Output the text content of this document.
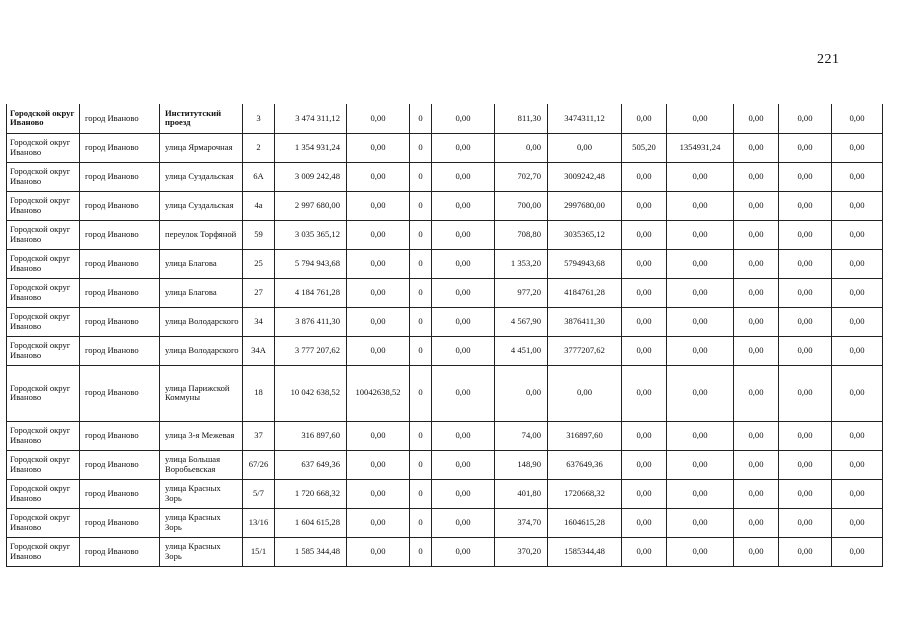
221
Городской округ Иваново	город Иваново	Институтский проезд	3	3 474 311,12	0,00	0	0,00	811,30	3474311,12	0,00	0,00	0,00	0,00	0,00
Городской округ Иваново	город Иваново	улица Ярмарочная	2	1 354 931,24	0,00	0	0,00	0,00	0,00	505,20	1354931,24	0,00	0,00	0,00
Городской округ Иваново	город Иваново	улица Суздальская	6А	3 009 242,48	0,00	0	0,00	702,70	3009242,48	0,00	0,00	0,00	0,00	0,00
Городской округ Иваново	город Иваново	улица Суздальская	4а	2 997 680,00	0,00	0	0,00	700,00	2997680,00	0,00	0,00	0,00	0,00	0,00
Городской округ Иваново	город Иваново	переулок Торфяной	59	3 035 365,12	0,00	0	0,00	708,80	3035365,12	0,00	0,00	0,00	0,00	0,00
Городской округ Иваново	город Иваново	улица Благова	25	5 794 943,68	0,00	0	0,00	1 353,20	5794943,68	0,00	0,00	0,00	0,00	0,00
Городской округ Иваново	город Иваново	улица Благова	27	4 184 761,28	0,00	0	0,00	977,20	4184761,28	0,00	0,00	0,00	0,00	0,00
Городской округ Иваново	город Иваново	улица Володарского	34	3 876 411,30	0,00	0	0,00	4 567,90	3876411,30	0,00	0,00	0,00	0,00	0,00
Городской округ Иваново	город Иваново	улица Володарского	34А	3 777 207,62	0,00	0	0,00	4 451,00	3777207,62	0,00	0,00	0,00	0,00	0,00
Городской округ Иваново	город Иваново	улица Парижской Коммуны	18	10 042 638,52	10042638,52	0	0,00	0,00	0,00	0,00	0,00	0,00	0,00	0,00
Городской округ Иваново	город Иваново	улица 3-я Межевая	37	316 897,60	0,00	0	0,00	74,00	316897,60	0,00	0,00	0,00	0,00	0,00
Городской округ Иваново	город Иваново	улица Большая Воробьевская	67/26	637 649,36	0,00	0	0,00	148,90	637649,36	0,00	0,00	0,00	0,00	0,00
Городской округ Иваново	город Иваново	улица Красных Зорь	5/7	1 720 668,32	0,00	0	0,00	401,80	1720668,32	0,00	0,00	0,00	0,00	0,00
Городской округ Иваново	город Иваново	улица Красных Зорь	13/16	1 604 615,28	0,00	0	0,00	374,70	1604615,28	0,00	0,00	0,00	0,00	0,00
Городской округ Иваново	город Иваново	улица Красных Зорь	15/1	1 585 344,48	0,00	0	0,00	370,20	1585344,48	0,00	0,00	0,00	0,00	0,00
